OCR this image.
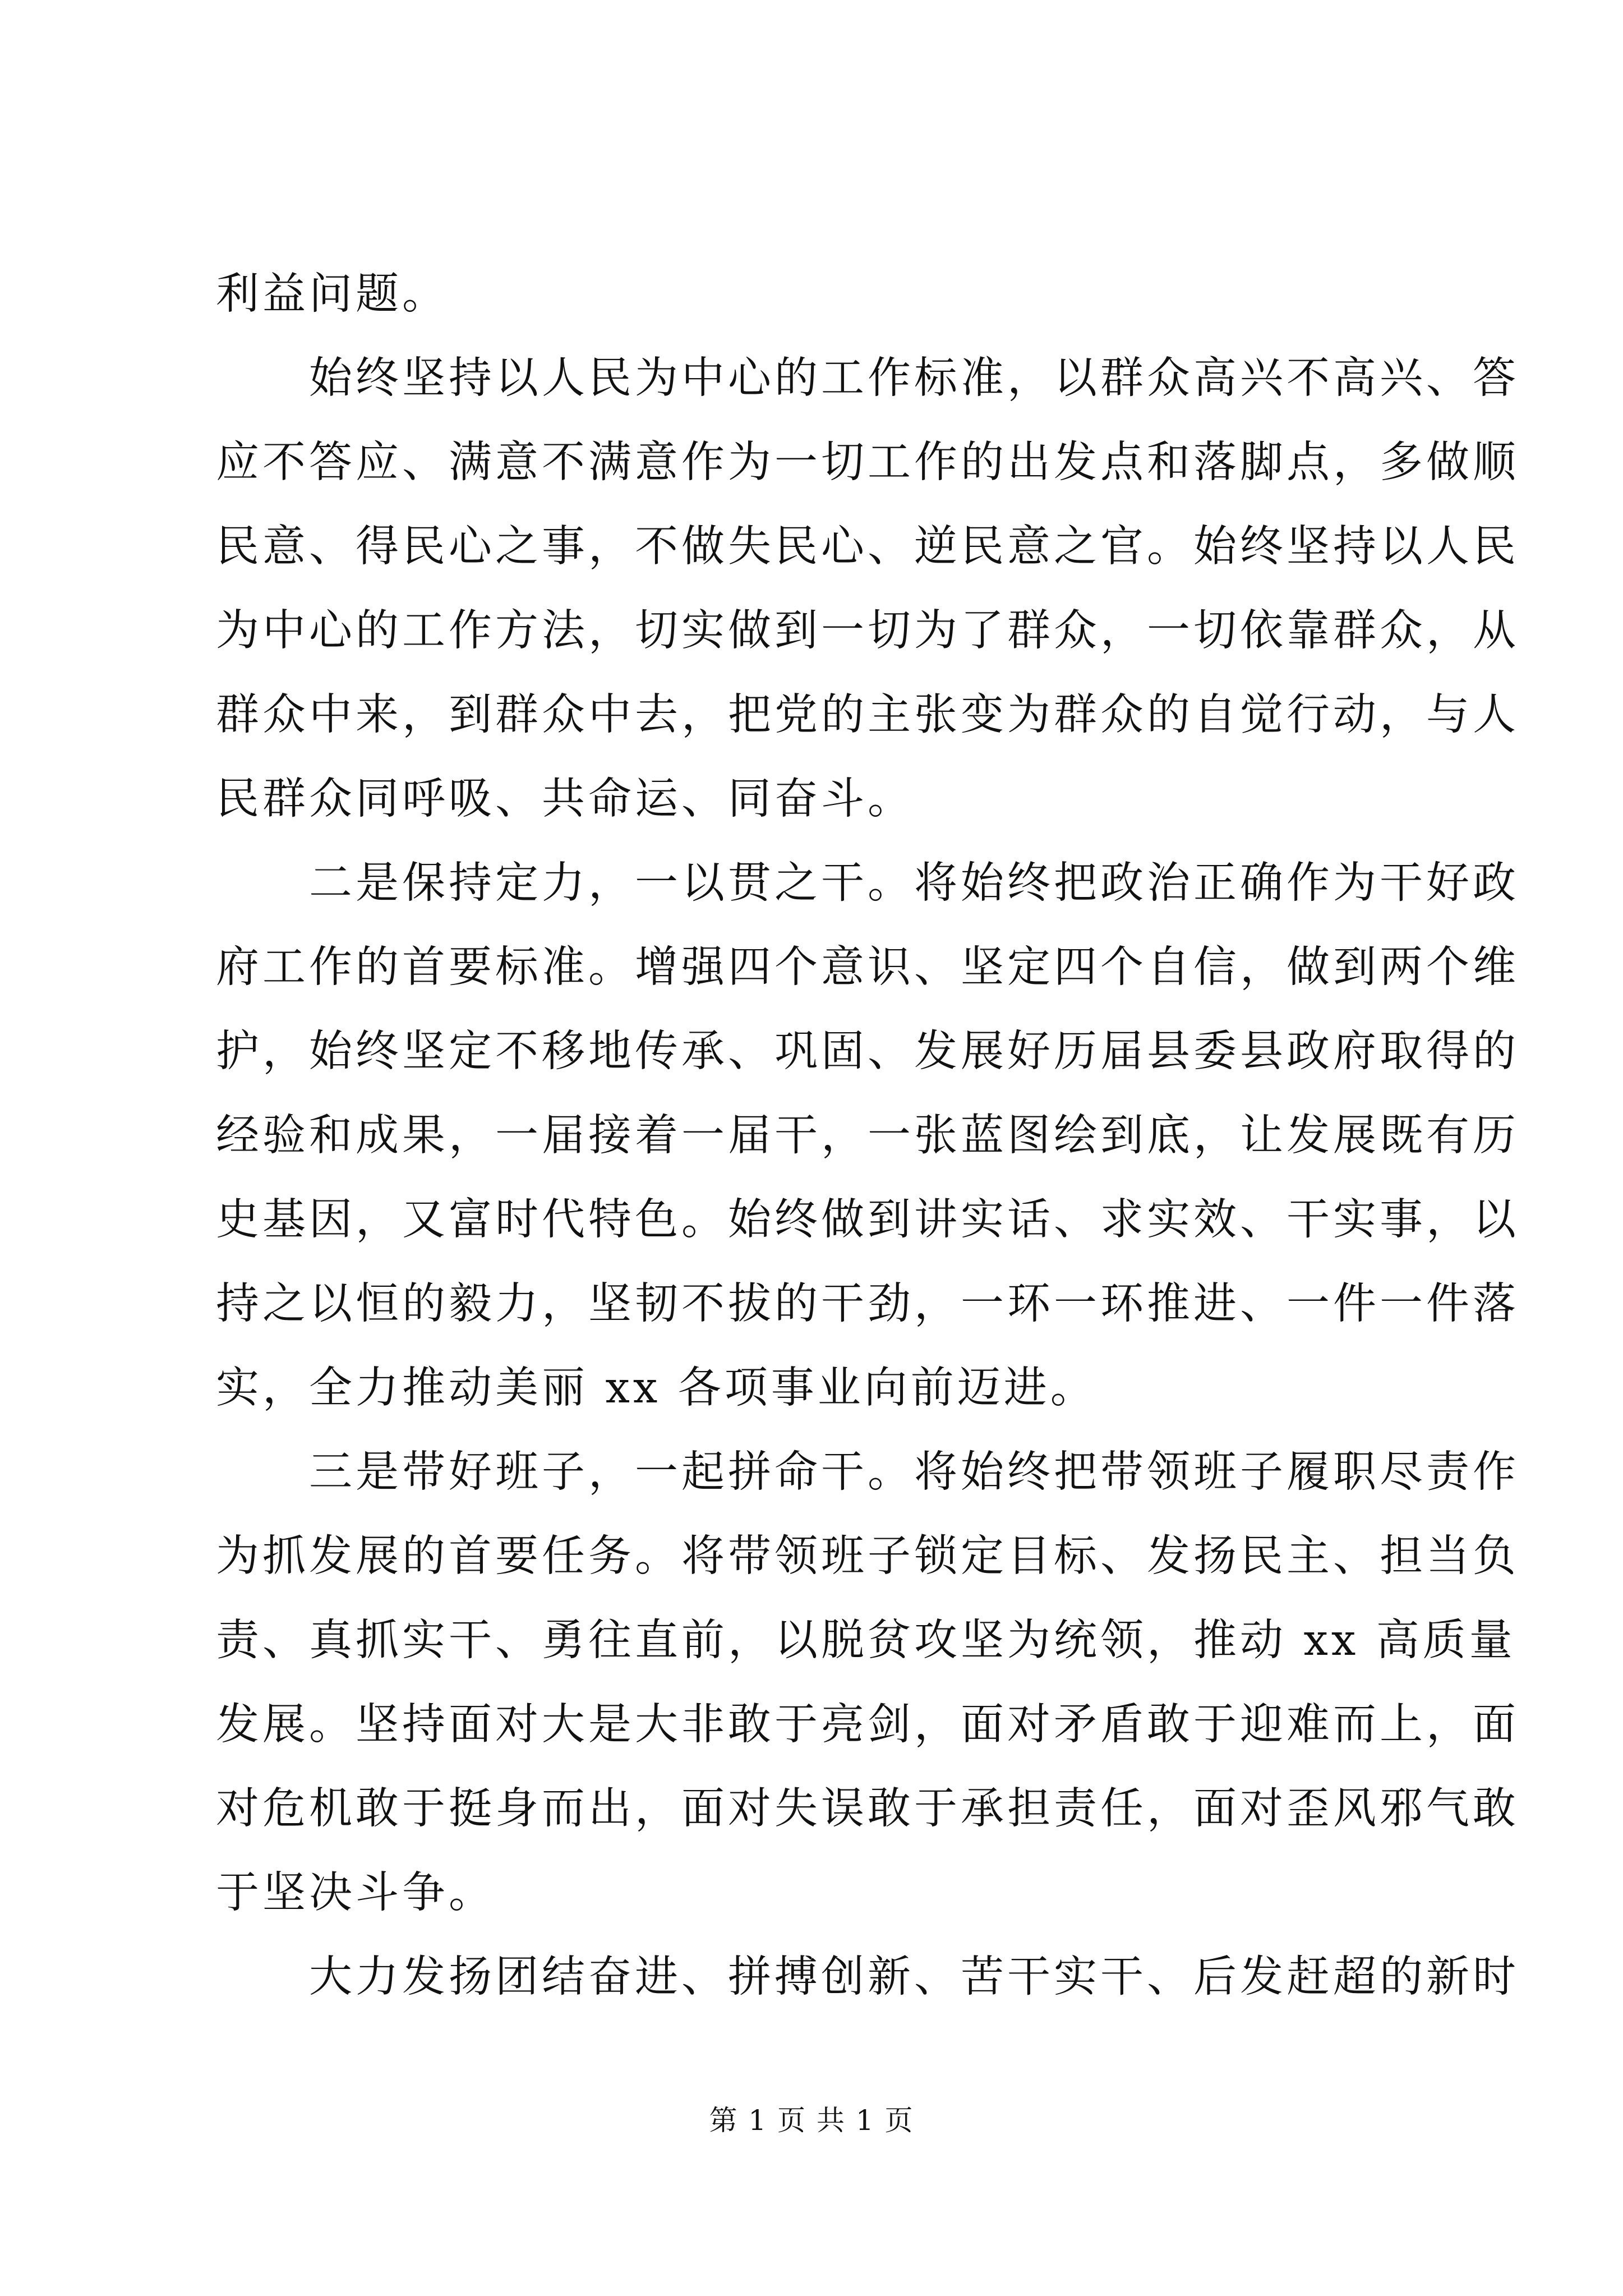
利益问题。
始终坚持以人民为中心的工作标准，以群众高兴不高兴、答
应不答应、满意不满意作为一切工作的出发点和落脚点，多做顺
民意、得民心之事，不做失民心、逆民意之官。始终坚持以人民
为中心的工作方法，切实做到一切为了群众，一切依靠群众，从
群众中来，到群众中去，把党的主张变为群众的自觉行动，与人
民群众同呼吸、共命运、同奋斗。
二是保持定力，一以贯之干。将始终把政治正确作为干好政
府工作的首要标准。增强四个意识、坚定四个自信，做到两个维
护，始终坚定不移地传承、巩固、发展好历届县委县政府取得的
经验和成果，一届接着一届干，一张蓝图绘到底，让发展既有历
史基因，又富时代特色。始终做到讲实话、求实效、干实事，以
持之以恒的毅力，坚韧不拔的干劲，一环一环推进、一件一件落
实，全力推动美丽 xx 各项事业向前迈进。
三是带好班子，一起拼命干。将始终把带领班子履职尽责作
为抓发展的首要任务。将带领班子锁定目标、发扬民主、担当负
责、真抓实干、勇往直前，以脱贫攻坚为统领，推动 xx 高质量
发展。坚持面对大是大非敢于亮剑，面对矛盾敢于迎难而上，面
对危机敢于挺身而出，面对失误敢于承担责任，面对歪风邪气敢
于坚决斗争。
大力发扬团结奋进、拼搏创新、苦干实干、后发赶超的新时
第 1 页 共 1 页
